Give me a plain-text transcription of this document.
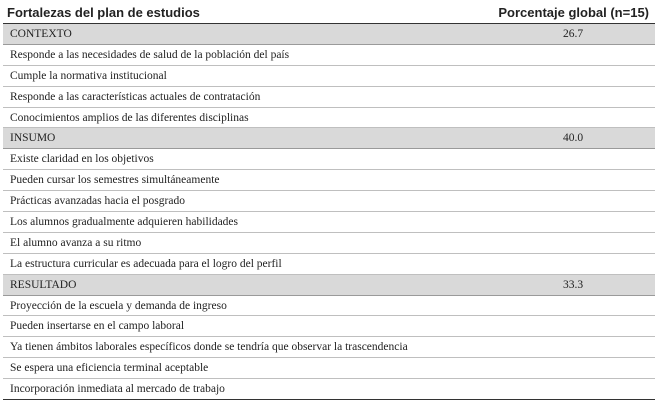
Fortalezas del plan de estudios	Porcentaje global (n=15)
CONTEXTO	26.7
Responde a las necesidades de salud de la población del país
Cumple la normativa institucional
Responde a las características actuales de contratación
Conocimientos amplios de las diferentes disciplinas
INSUMO	40.0
Existe claridad en los objetivos
Pueden cursar los semestres simultáneamente
Prácticas avanzadas hacia el posgrado
Los alumnos gradualmente adquieren habilidades
El alumno avanza a su ritmo
La estructura curricular es adecuada para el logro del perfil
RESULTADO	33.3
Proyección de la escuela y demanda de ingreso
Pueden insertarse en el campo laboral
Ya tienen ámbitos laborales específicos donde se tendría que observar la trascendencia
Se espera una eficiencia terminal aceptable
Incorporación inmediata al mercado de trabajo
